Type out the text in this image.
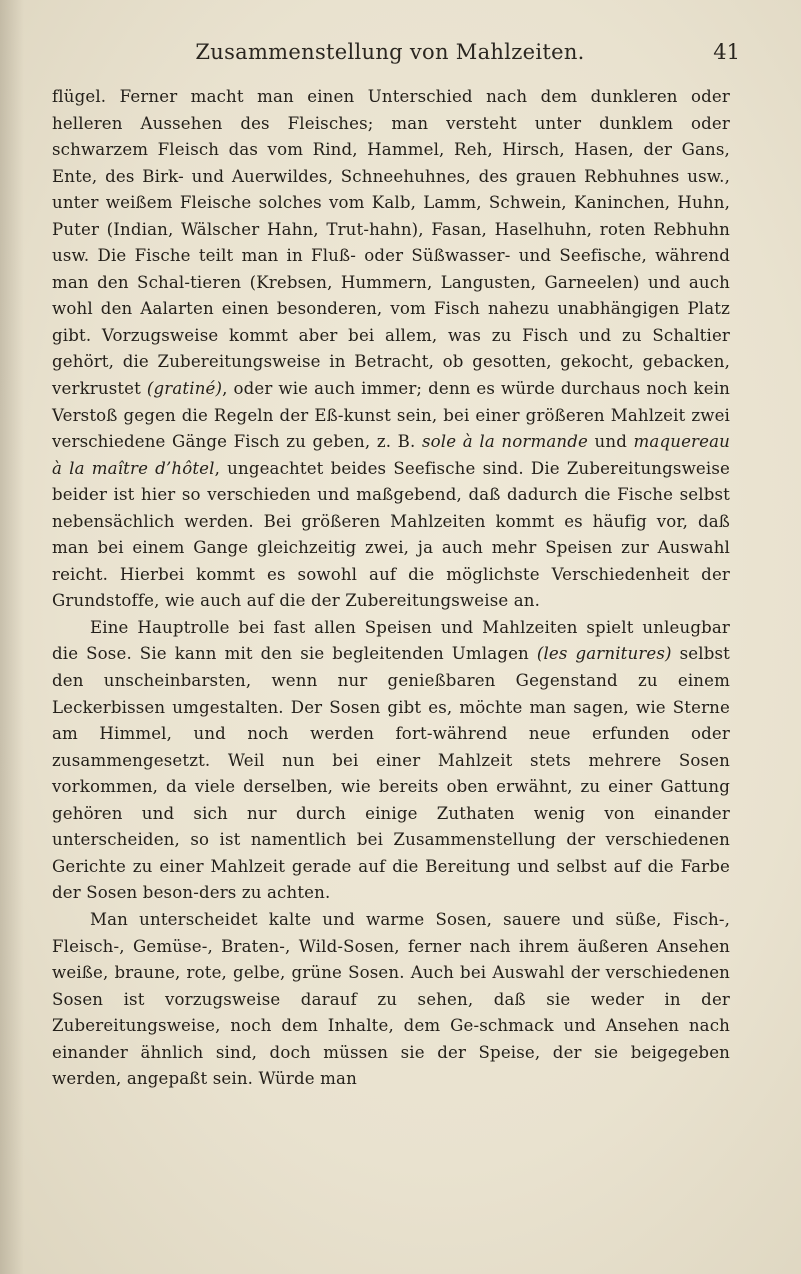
Zusammenstellung von Mahlzeiten.	41

flügel. Ferner macht man einen Unterschied nach dem dunkleren oder helleren Aussehen des Fleisches; man versteht unter dunklem oder schwarzem Fleisch das vom Rind, Hammel, Reh, Hirsch, Hasen, der Gans, Ente, des Birk- und Auerwildes, Schneehuhnes, des grauen Rebhuhnes usw., unter weißem Fleische solches vom Kalb, Lamm, Schwein, Kaninchen, Huhn, Puter (Indian, Wälscher Hahn, Trut-hahn), Fasan, Haselhuhn, roten Rebhuhn usw. Die Fische teilt man in Fluß- oder Süßwasser- und Seefische, während man den Schal-tieren (Krebsen, Hummern, Langusten, Garneelen) und auch wohl den Aalarten einen besonderen, vom Fisch nahezu unabhängigen Platz gibt. Vorzugsweise kommt aber bei allem, was zu Fisch und zu Schaltier gehört, die Zubereitungsweise in Betracht, ob gesotten, gekocht, gebacken, verkrustet (gratiné), oder wie auch immer; denn es würde durchaus noch kein Verstoß gegen die Regeln der Eß-kunst sein, bei einer größeren Mahlzeit zwei verschiedene Gänge Fisch zu geben, z. B. sole à la normande und maquereau à la maître d’hôtel, ungeachtet beides Seefische sind. Die Zubereitungsweise beider ist hier so verschieden und maßgebend, daß dadurch die Fische selbst nebensächlich werden. Bei größeren Mahlzeiten kommt es häufig vor, daß man bei einem Gange gleichzeitig zwei, ja auch mehr Speisen zur Auswahl reicht. Hierbei kommt es sowohl auf die möglichste Verschiedenheit der Grundstoffe, wie auch auf die der Zubereitungsweise an.

Eine Hauptrolle bei fast allen Speisen und Mahlzeiten spielt unleugbar die Sose. Sie kann mit den sie begleitenden Umlagen (les garnitures) selbst den unscheinbarsten, wenn nur genießbaren Gegenstand zu einem Leckerbissen umgestalten. Der Sosen gibt es, möchte man sagen, wie Sterne am Himmel, und noch werden fort-während neue erfunden oder zusammengesetzt. Weil nun bei einer Mahlzeit stets mehrere Sosen vorkommen, da viele derselben, wie bereits oben erwähnt, zu einer Gattung gehören und sich nur durch einige Zuthaten wenig von einander unterscheiden, so ist namentlich bei Zusammenstellung der verschiedenen Gerichte zu einer Mahlzeit gerade auf die Bereitung und selbst auf die Farbe der Sosen beson-ders zu achten.

Man unterscheidet kalte und warme Sosen, sauere und süße, Fisch-, Fleisch-, Gemüse-, Braten-, Wild-Sosen, ferner nach ihrem äußeren Ansehen weiße, braune, rote, gelbe, grüne Sosen. Auch bei Auswahl der verschiedenen Sosen ist vorzugsweise darauf zu sehen, daß sie weder in der Zubereitungsweise, noch dem Inhalte, dem Ge-schmack und Ansehen nach einander ähnlich sind, doch müssen sie der Speise, der sie beigegeben werden, angepaßt sein. Würde man
